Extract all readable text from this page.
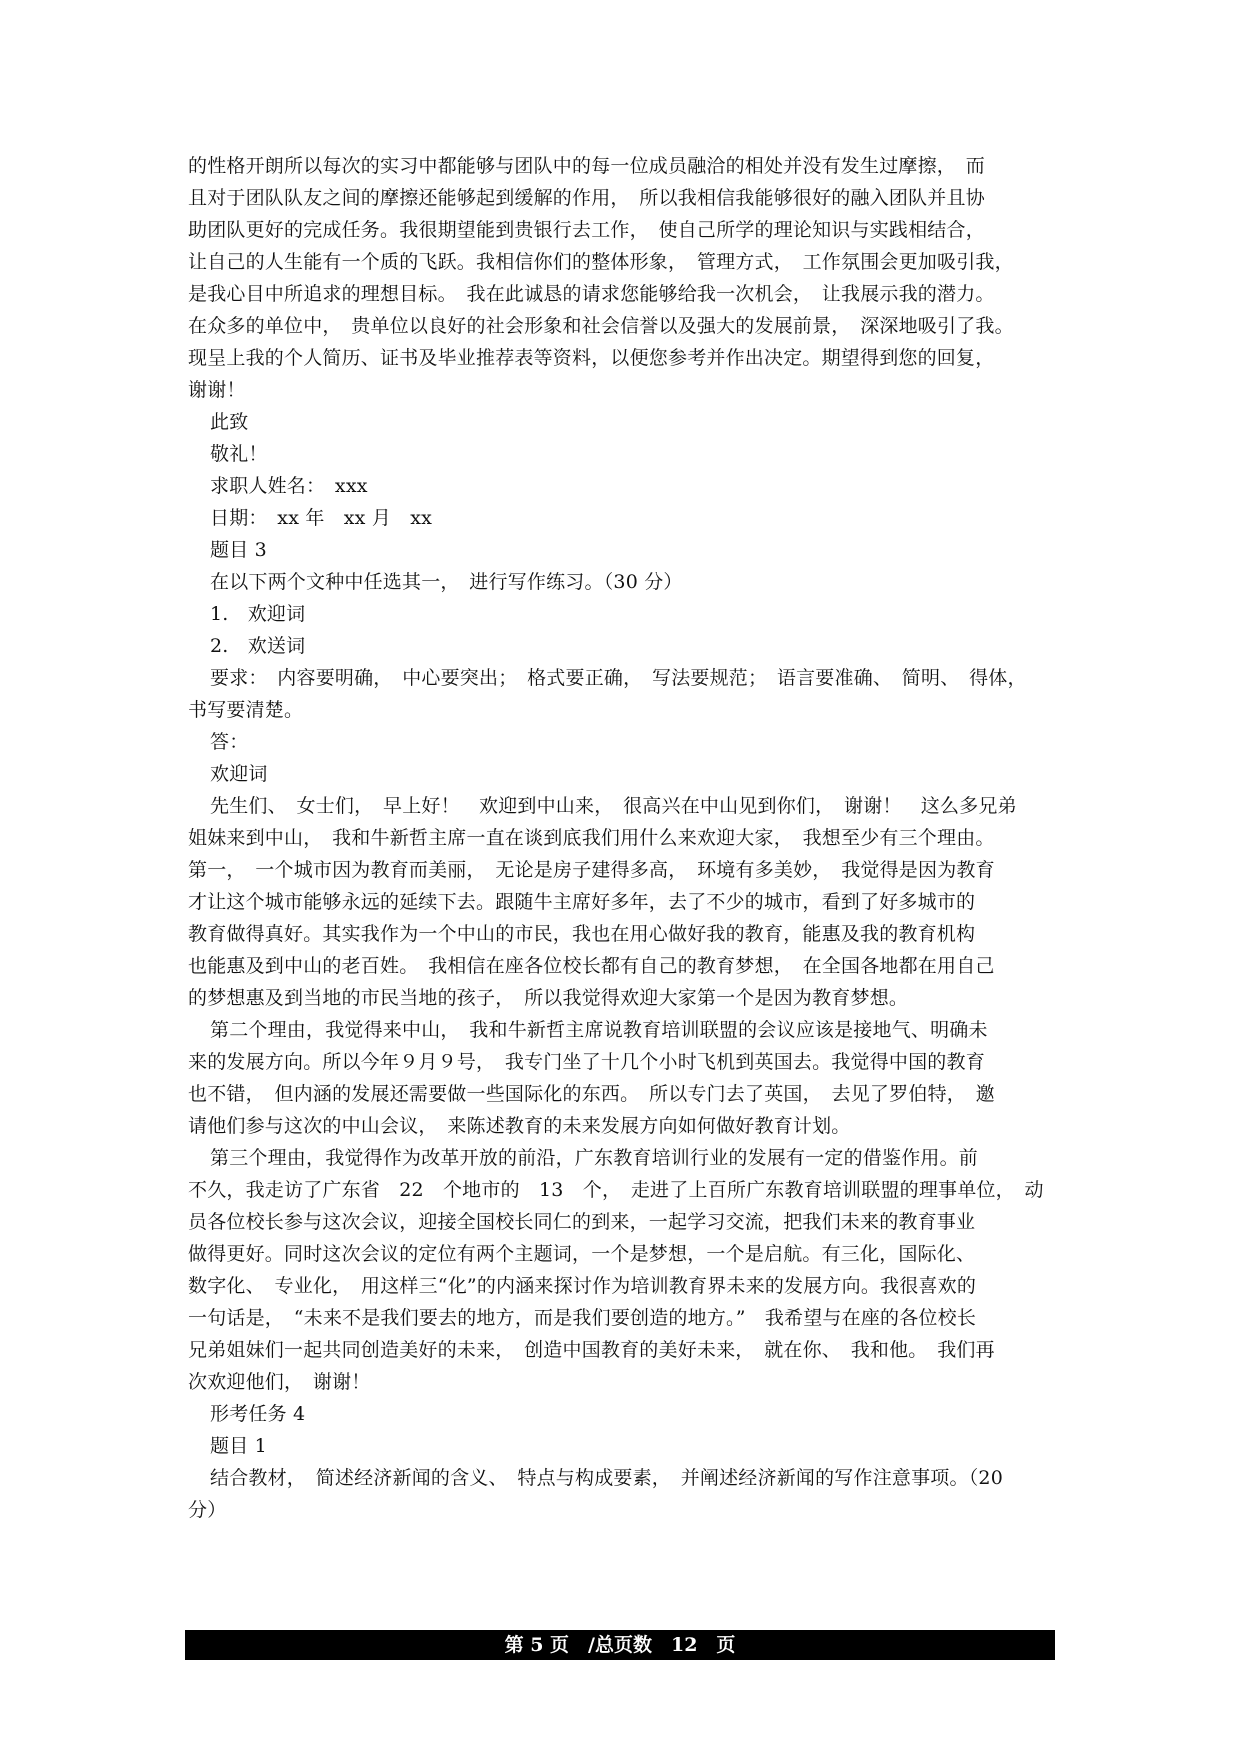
的性格开朗所以每次的实习中都能够与团队中的每一位成员融洽的相处并没有发生过摩擦，　而
且对于团队队友之间的摩擦还能够起到缓解的作用，　所以我相信我能够很好的融入团队并且协
助团队更好的完成任务。我很期望能到贵银行去工作，　使自己所学的理论知识与实践相结合，
让自己的人生能有一个质的飞跃。我相信你们的整体形象，　管理方式，　工作氛围会更加吸引我，
是我心目中所追求的理想目标。　我在此诚恳的请求您能够给我一次机会，　让我展示我的潜力。
在众多的单位中，　贵单位以良好的社会形象和社会信誉以及强大的发展前景，　深深地吸引了我。
现呈上我的个人简历、证书及毕业推荐表等资料，以便您参考并作出决定。期望得到您的回复，
谢谢！
此致
敬礼！
求职人姓名：　xxx
日期：　xx 年　xx 月　xx
题目 3
在以下两个文种中任选其一，　进行写作练习。（30 分）
1.　欢迎词
2.　欢送词
要求：　内容要明确，　中心要突出；　格式要正确，　写法要规范；　语言要准确、　简明、　得体，
书写要清楚。
答：
欢迎词
先生们、　女士们，　早上好！　欢迎到中山来，　很高兴在中山见到你们，　谢谢！　这么多兄弟
姐妹来到中山，　我和牛新哲主席一直在谈到底我们用什么来欢迎大家，　我想至少有三个理由。
第一，　一个城市因为教育而美丽，　无论是房子建得多高，　环境有多美妙，　我觉得是因为教育
才让这个城市能够永远的延续下去。跟随牛主席好多年，去了不少的城市，看到了好多城市的
教育做得真好。其实我作为一个中山的市民，我也在用心做好我的教育，能惠及我的教育机构
也能惠及到中山的老百姓。　我相信在座各位校长都有自己的教育梦想，　在全国各地都在用自己
的梦想惠及到当地的市民当地的孩子，　所以我觉得欢迎大家第一个是因为教育梦想。
第二个理由，我觉得来中山，　我和牛新哲主席说教育培训联盟的会议应该是接地气、明确未
来的发展方向。所以今年９月９号，　我专门坐了十几个小时飞机到英国去。我觉得中国的教育
也不错，　但内涵的发展还需要做一些国际化的东西。　所以专门去了英国，　去见了罗伯特，　邀
请他们参与这次的中山会议，　来陈述教育的未来发展方向如何做好教育计划。
第三个理由，我觉得作为改革开放的前沿，广东教育培训行业的发展有一定的借鉴作用。前
不久，我走访了广东省　22　个地市的　13　个，　走进了上百所广东教育培训联盟的理事单位，　动
员各位校长参与这次会议，迎接全国校长同仁的到来，一起学习交流，把我们未来的教育事业
做得更好。同时这次会议的定位有两个主题词，一个是梦想，一个是启航。有三化，国际化、
数字化、　专业化，　用这样三“化”的内涵来探讨作为培训教育界未来的发展方向。我很喜欢的
一句话是，　“未来不是我们要去的地方，而是我们要创造的地方。”　我希望与在座的各位校长
兄弟姐妹们一起共同创造美好的未来，　创造中国教育的美好未来，　就在你、　我和他。　我们再
次欢迎他们，　谢谢！
形考任务 4
题目 1
结合教材，　简述经济新闻的含义、　特点与构成要素，　并阐述经济新闻的写作注意事项。（20
分）
第 5 页　/总页数　12　页
